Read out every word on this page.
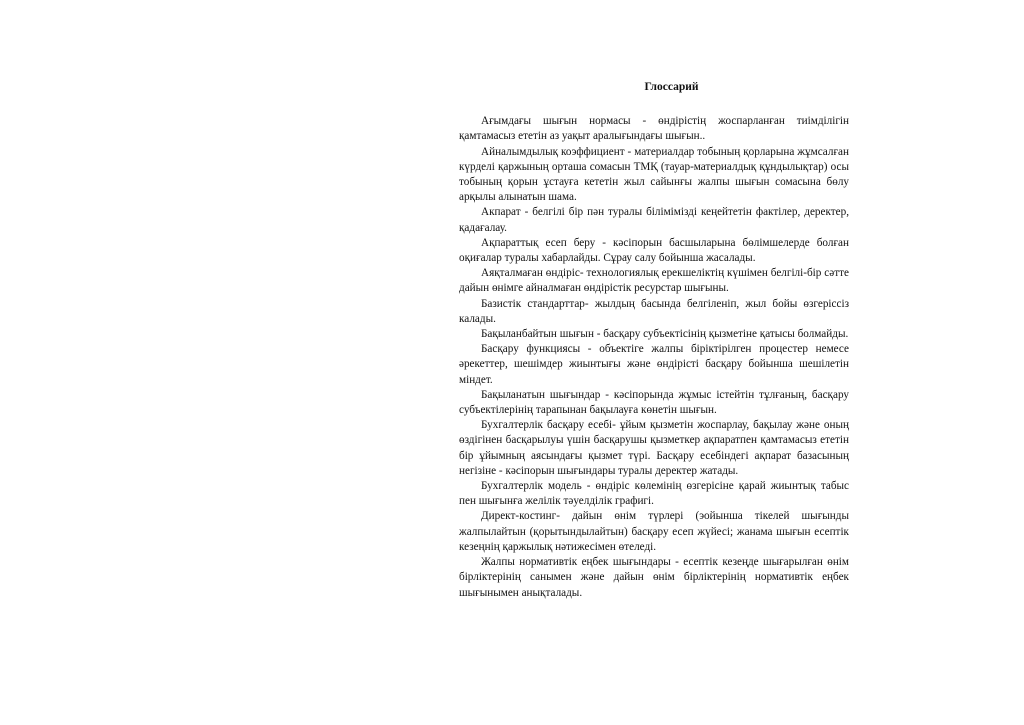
Глоссарий

Ағымдағы шығын нормасы - өндірістің жоспарланған тиімділігін қамтамасыз ететін аз уақыт аралығындағы шығын..

Айналымдылық коэффициент - материалдар тобының қорларына жұмсалған күрделі қаржының орташа сомасын ТМҚ (тауар-материалдық құндылықтар) осы тобының қорын ұстауға кететін жыл сайынғы жалпы шығын сомасына бөлу арқылы алынатын шама.

Акпарат - белгілі бір пән туралы біліміміздi кеңейтетін фактілер, деректер, қадағалау.

Ақпараттық есеп беру - кәсіпорын басшыларына бөлімшелерде болған оқиғалар туралы хабарлайды. Сұрау салу бойынша жасалады.

Аяқталмаған өндіріс- технологиялық ерекшеліктің күшімен белгілі-бір сәтте дайын өнімге айналмаған өндірістік ресурстар шығыны.

Базистік стандарттар- жылдың басында белгіленіп, жыл бойы өзгеріссіз калады.

Бақыланбайтын шығын - басқару субъектісінің қызметіне қатысы болмайды.

Басқару функциясы - объектіге жалпы біріктірілген процестер немесе әрекеттер, шешімдер жиынтығы және өндірісті басқару бойынша шешілетін міндет.

Бақыланатын шығындар - кәсіпорында жұмыс істейтін тұлғаның, басқару субъектілерінің тарапынан бақылауға көнетін шығын.

Бухгалтерлік басқару есебі- ұйым қызметін жоспарлау, бақылау және оның өздігінен басқарылуы үшін басқарушы қызметкер ақпаратпен қамтамасыз ететін бір ұйымның аясындағы қызмет түрі. Басқару есебіндегі ақпарат базасының негізіне - кәсіпорын шығындары туралы деректер жатады.

Бухгалтерлік модель - өндіріс көлемінің өзгерісіне қарай жиынтық табыс пен шығынға желілік тәуелділік графигі.

Директ-костинг- дайын өнім түрлері (эойынша тікелей шығынды жалпылайтын (қорытындылайтын) басқару есеп жүйесі; жанама шығын есептік кезеңнің қаржылық нәтижесімен өтеледі.

Жалпы нормативтік еңбек шығындары - есептік кезеңде шығарылған өнім бірліктерінің санымен және дайын өнім бірліктерінің нормативтік еңбек шығынымен анықталады.
